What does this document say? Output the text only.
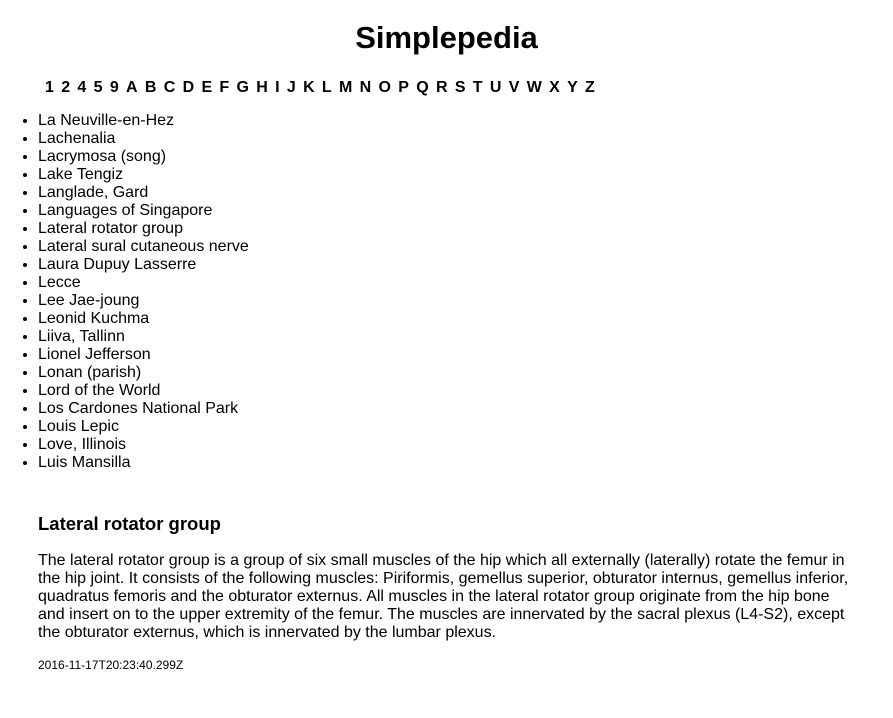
Simplepedia
1 2 4 5 9 A B C D E F G H I J K L M N O P Q R S T U V W X Y Z
• La Neuville-en-Hez
• Lachenalia
• Lacrymosa (song)
• Lake Tengiz
• Langlade, Gard
• Languages of Singapore
• Lateral rotator group
• Lateral sural cutaneous nerve
• Laura Dupuy Lasserre
• Lecce
• Lee Jae-joung
• Leonid Kuchma
• Liiva, Tallinn
• Lionel Jefferson
• Lonan (parish)
• Lord of the World
• Los Cardones National Park
• Louis Lepic
• Love, Illinois
• Luis Mansilla
Lateral rotator group

The lateral rotator group is a group of six small muscles of the hip which all externally (laterally) rotate the femur in the hip joint. It consists of the following muscles: Piriformis, gemellus superior, obturator internus, gemellus inferior, quadratus femoris and the obturator externus. All muscles in the lateral rotator group originate from the hip bone and insert on to the upper extremity of the femur. The muscles are innervated by the sacral plexus (L4-S2), except the obturator externus, which is innervated by the lumbar plexus.

2016-11-17T20:23:40.299Z
